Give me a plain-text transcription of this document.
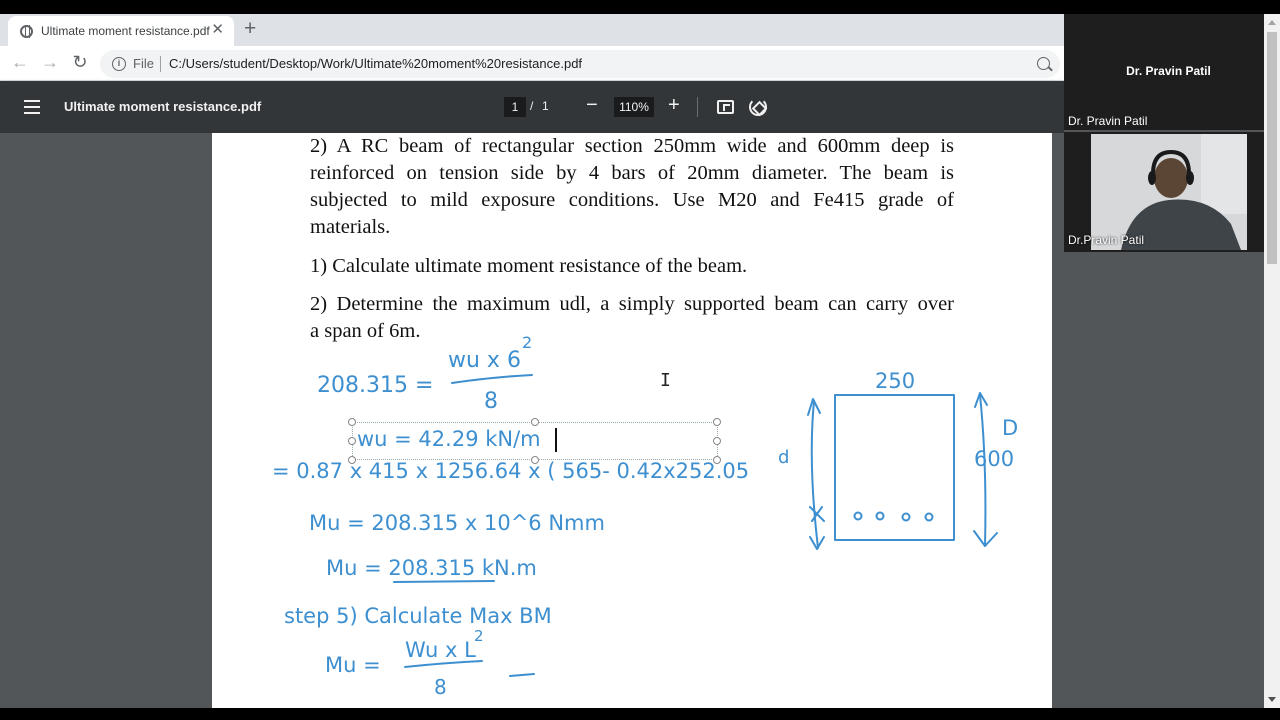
Ultimate moment resistance.pdf ✕ +
← → ↻	i File C:/Users/student/Desktop/Work/Ultimate%20moment%20resistance.pdf
Ultimate moment resistance.pdf	1 / 1 −	110% +
2) A RC beam of rectangular section 250mm wide and 600mm deep is
reinforced on tension side by 4 bars of 20mm diameter. The beam is
subjected to mild exposure conditions. Use M20 and Fe415 grade of
materials.
1) Calculate ultimate moment resistance of the beam.
2) Determine the maximum udl, a simply supported beam can carry over
a span of 6m.
208.315 =
wu x 6
2
8
wu = 42.29 kN/m
= 0.87 x 415 x 1256.64 x ( 565- 0.42x252.05
Mu = 208.315 x 10^6 Nmm
Mu = 208.315 kN.m
step 5) Calculate Max BM
Mu =
Wu x L
2
8
250
600
D
d
I
Dr. Pravin Patil
Dr. Pravin Patil
Dr.Pravin Patil
